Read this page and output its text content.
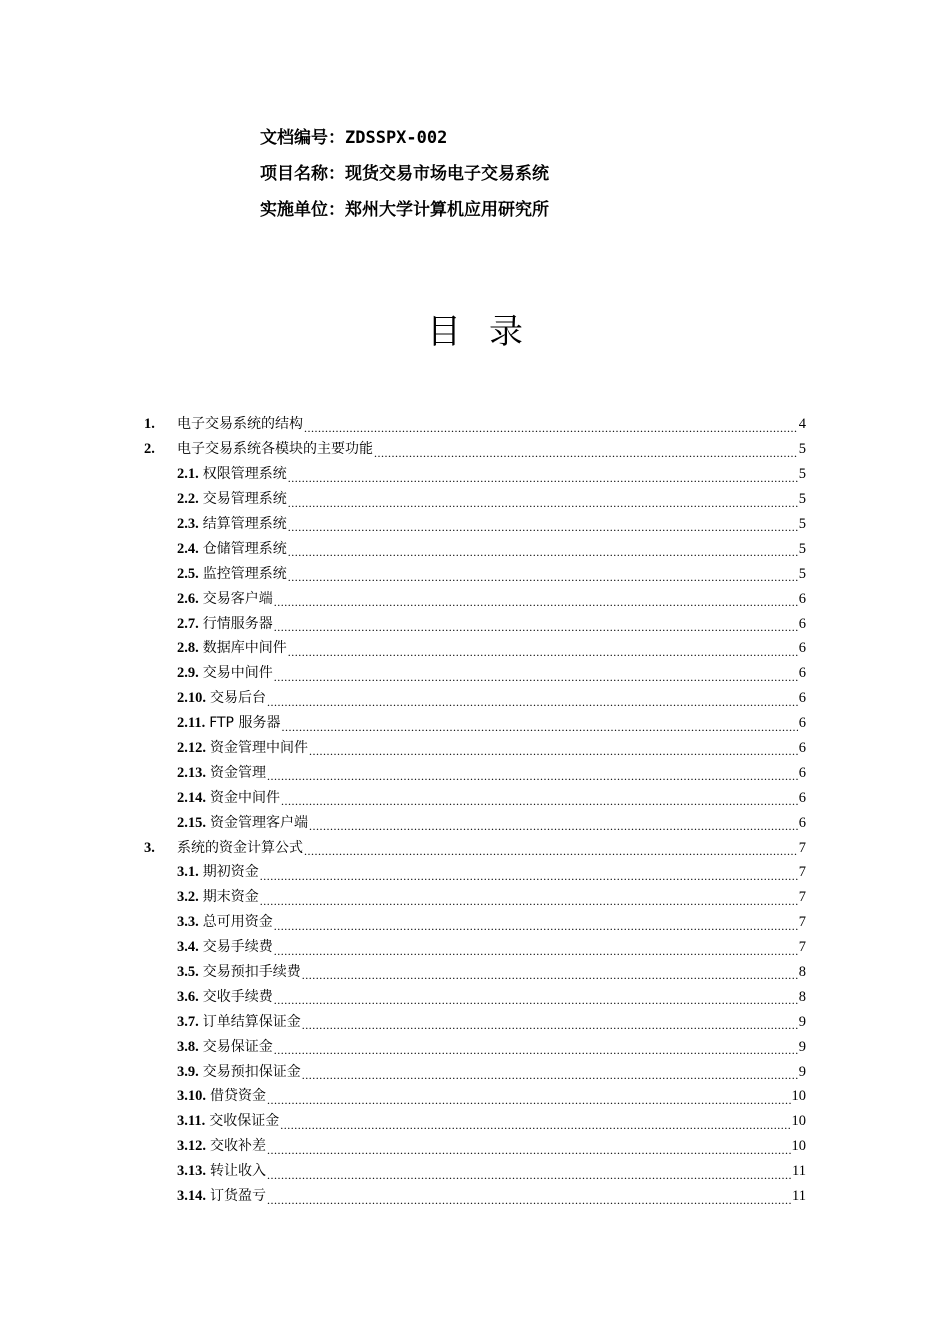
文档编号：ZDSSPX-002
项目名称：现货交易市场电子交易系统
实施单位：郑州大学计算机应用研究所
目录
1.	电子交易系统的结构 .....	4
2.	电子交易系统各模块的主要功能 .....	5
2.1. 权限管理系统 .....	5
2.2. 交易管理系统 .....	5
2.3. 结算管理系统 .....	5
2.4. 仓储管理系统 .....	5
2.5. 监控管理系统 .....	5
2.6. 交易客户端 .....	6
2.7. 行情服务器 .....	6
2.8. 数据库中间件 .....	6
2.9. 交易中间件 .....	6
2.10. 交易后台 .....	6
2.11. FTP 服务器 .....	6
2.12. 资金管理中间件 .....	6
2.13. 资金管理 .....	6
2.14. 资金中间件 .....	6
2.15. 资金管理客户端 .....	6
3.	系统的资金计算公式 .....	7
3.1. 期初资金 .....	7
3.2. 期末资金 .....	7
3.3. 总可用资金 .....	7
3.4. 交易手续费 .....	7
3.5. 交易预扣手续费 .....	8
3.6. 交收手续费 .....	8
3.7. 订单结算保证金 .....	9
3.8. 交易保证金 .....	9
3.9. 交易预扣保证金 .....	9
3.10. 借贷资金 .....	10
3.11. 交收保证金 .....	10
3.12. 交收补差 .....	10
3.13. 转让收入 .....	11
3.14. 订货盈亏 .....	11
